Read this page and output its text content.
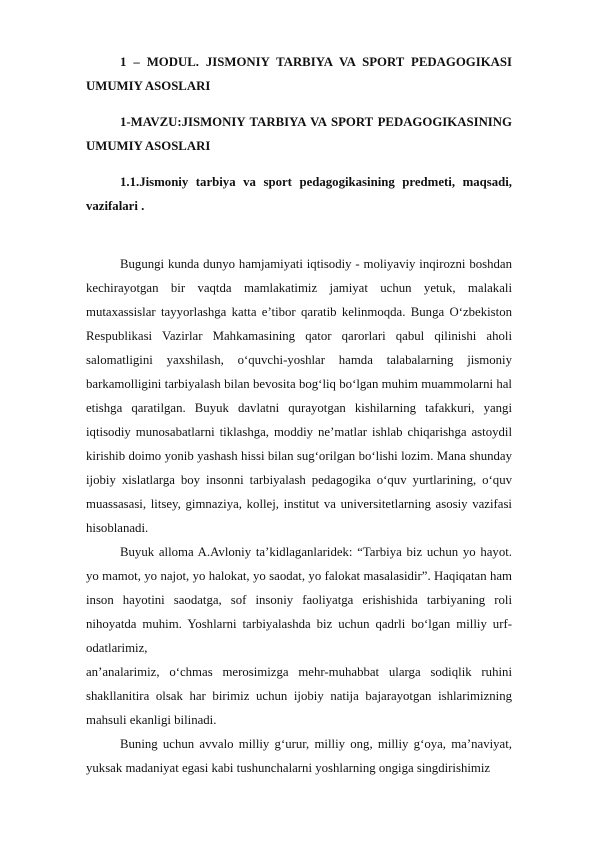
1 – MODUL. JISMONIY TARBIYA VA SPORT PEDAGOGIKASI UMUMIY ASOSLARI

1-MAVZU:JISMONIY TARBIYA VA SPORT PEDAGOGIKASINING UMUMIY ASOSLARI

1.1.Jismoniy tarbiya va sport pedagogikasining predmeti, maqsadi, vazifalari .

Bugungi kunda dunyo hamjamiyati iqtisodiy - moliyaviy inqirozni boshdan kechirayotgan bir vaqtda mamlakatimiz jamiyat uchun yetuk, malakali mutaxassislar tayyorlashga katta e’tibor qaratib kelinmoqda. Bunga O‘zbekiston Respublikasi Vazirlar Mahkamasining qator qarorlari qabul qilinishi aholi salomatligini yaxshilash, o‘quvchi-yoshlar hamda talabalarning jismoniy barkamolligini tarbiyalash bilan bevosita bog‘liq bo‘lgan muhim muammolarni hal etishga qaratilgan. Buyuk davlatni qurayotgan kishilarning tafakkuri, yangi iqtisodiy munosabatlarni tiklashga, moddiy ne’matlar ishlab chiqarishga astoydil kirishib doimo yonib yashash hissi bilan sug‘orilgan bo‘lishi lozim. Mana shunday ijobiy xislatlarga boy insonni tarbiyalash pedagogika o‘quv yurtlarining, o‘quv muassasasi, litsey, gimnaziya, kollej, institut va universitetlarning asosiy vazifasi hisoblanadi.

Buyuk alloma A.Avloniy ta’kidlaganlaridek: “Tarbiya biz uchun yo hayot. yo mamot, yo najot, yo halokat, yo saodat, yo falokat masalasidir”. Haqiqatan ham inson hayotini saodatga, sof insoniy faoliyatga erishishida tarbiyaning roli nihoyatda muhim. Yoshlarni tarbiyalashda biz uchun qadrli bo‘lgan milliy urf-odatlarimiz,

an’analarimiz, o‘chmas merosimizga mehr-muhabbat ularga sodiqlik ruhini shakllanitira olsak har birimiz uchun ijobiy natija bajarayotgan ishlarimizning mahsuli ekanligi bilinadi.

Buning uchun avvalo milliy g‘urur, milliy ong, milliy g‘oya, ma’naviyat, yuksak madaniyat egasi kabi tushunchalarni yoshlarning ongiga singdirishimiz
